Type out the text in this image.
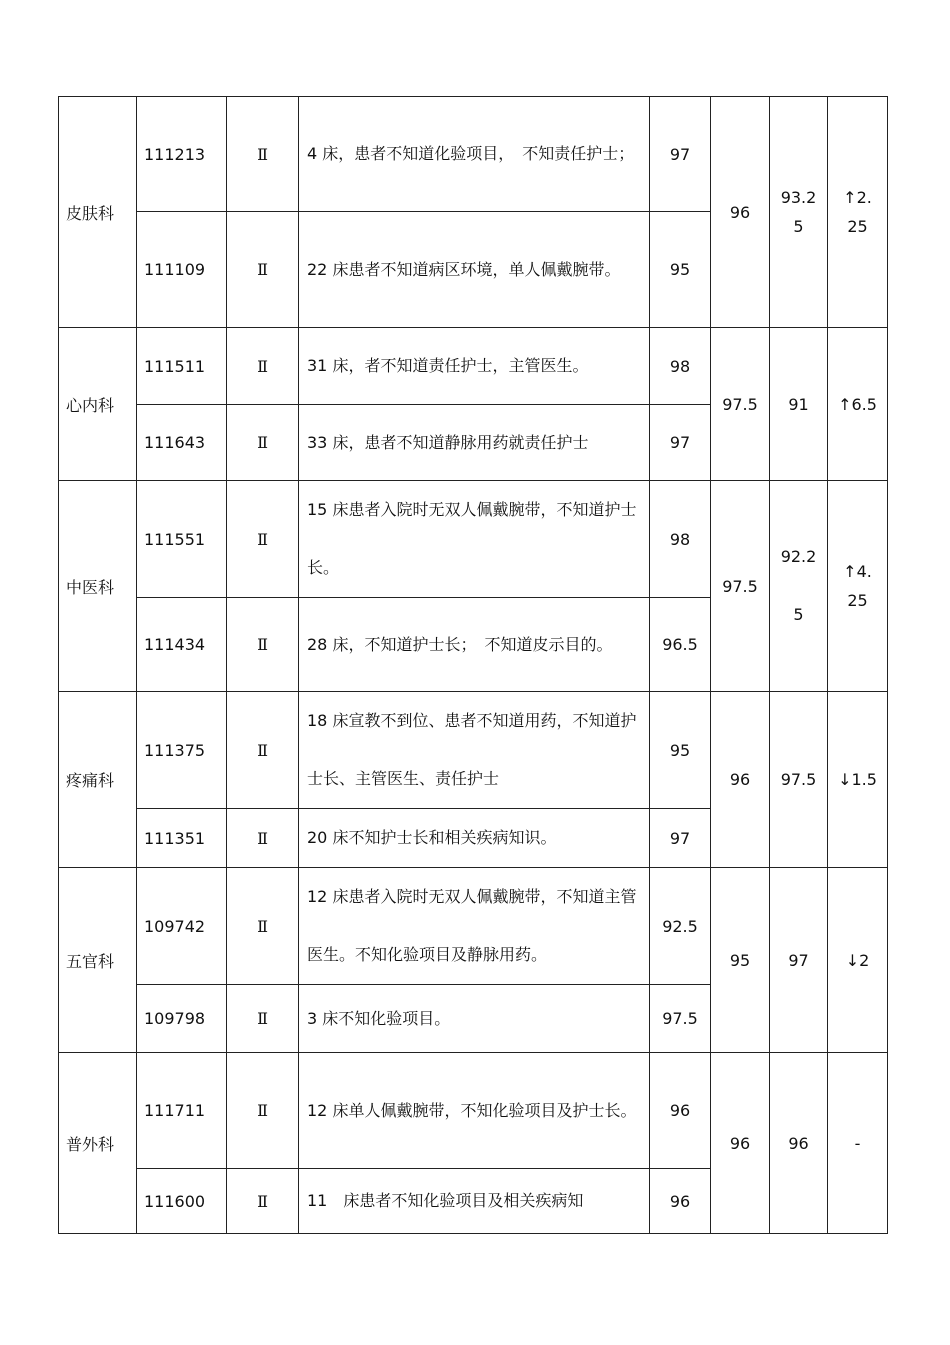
皮肤科	111213	Ⅱ	4 床，患者不知道化验项目，　不知责任护士；	97	96	93.25	↑2.25
	111109	Ⅱ	22 床患者不知道病区环境，单人佩戴腕带。	95			
心内科	111511	Ⅱ	31 床，者不知道责任护士，主管医生。	98	97.5	91	↑6.5
	111643	Ⅱ	33 床，患者不知道静脉用药就责任护士	97			
中医科	111551	Ⅱ	15 床患者入院时无双人佩戴腕带，不知道护士长。	98	97.5	92.25	↑4.25
	111434	Ⅱ	28 床，不知道护士长；　不知道皮示目的。	96.5			
疼痛科	111375	Ⅱ	18 床宣教不到位、患者不知道用药，不知道护士长、主管医生、责任护士	95	96	97.5	↓1.5
	111351	Ⅱ	20 床不知护士长和相关疾病知识。	97			
五官科	109742	Ⅱ	12 床患者入院时无双人佩戴腕带，不知道主管医生。不知化验项目及静脉用药。	92.5	95	97	↓2
	109798	Ⅱ	3 床不知化验项目。	97.5			
普外科	111711	Ⅱ	12 床单人佩戴腕带，不知化验项目及护士长。	96	96	96	-
	111600	Ⅱ	11　床患者不知化验项目及相关疾病知	96			
